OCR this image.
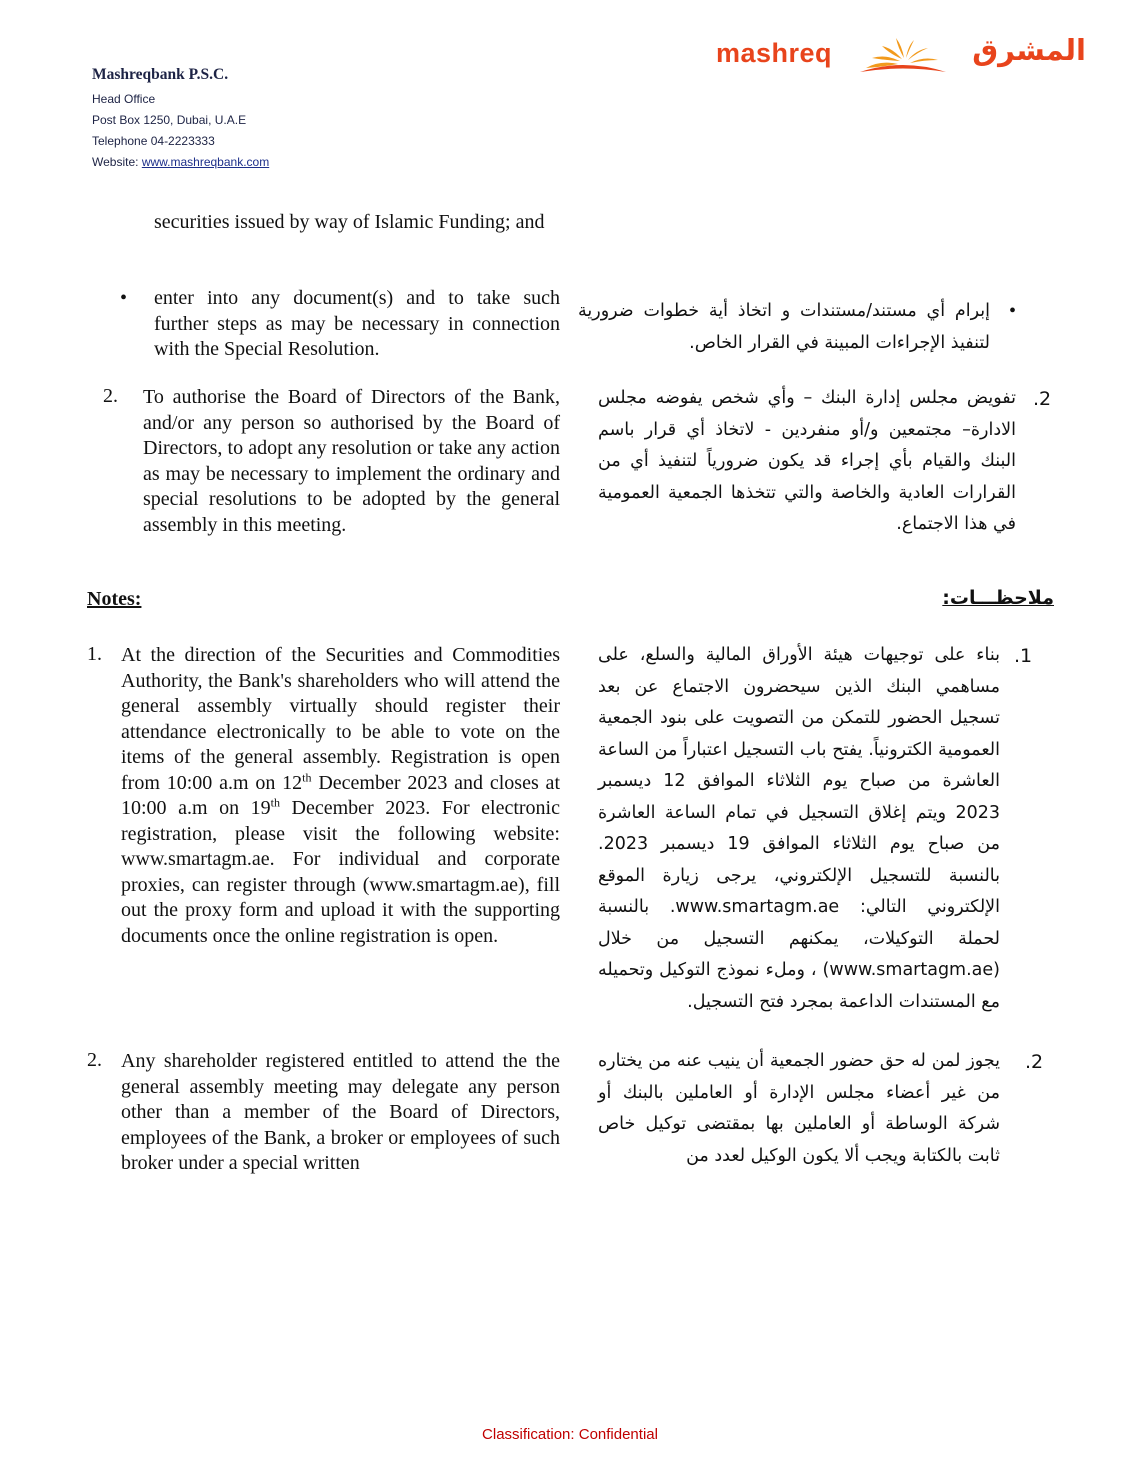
Mashreqbank P.S.C.
Head Office
Post Box 1250, Dubai, U.A.E
Telephone 04-2223333
Website: www.mashreqbank.com
mashreq	المشرق
securities issued by way of Islamic Funding; and
• enter into any document(s) and to take such further steps as may be necessary in connection with the Special Resolution.
•
إبرام أي مستند/مستندات و اتخاذ أية خطوات ضرورية لتنفيذ الإجراءات المبينة في القرار الخاص.
2. To authorise the Board of Directors of the Bank, and/or any person so authorised by the Board of Directors, to adopt any resolution or take any action as may be necessary to implement the ordinary and special resolutions to be adopted by the general assembly in this meeting.
.2
تفويض مجلس إدارة البنك – وأي شخص يفوضه مجلس الادارة– مجتمعين و/أو منفردين - لاتخاذ أي قرار باسم البنك والقيام بأي إجراء قد يكون ضرورياً لتنفيذ أي من القرارات العادية والخاصة والتي تتخذها الجمعية العمومية في هذا الاجتماع.
Notes:	ملاحظـــات:
1. At the direction of the Securities and Commodities Authority, the Bank's shareholders who will attend the general assembly virtually should register their attendance electronically to be able to vote on the items of the general assembly. Registration is open from 10:00 a.m on 12th December 2023 and closes at 10:00 a.m on 19th December 2023. For electronic registration, please visit the following website: www.smartagm.ae. For individual and corporate proxies, can register through (www.smartagm.ae), fill out the proxy form and upload it with the supporting documents once the online registration is open.
.1
بناء على توجيهات هيئة الأوراق المالية والسلع، على مساهمي البنك الذين سيحضرون الاجتماع عن بعد تسجيل الحضور للتمكن من التصويت على بنود الجمعية العمومية الكترونياً. يفتح باب التسجيل اعتباراً من الساعة العاشرة من صباح يوم الثلاثاء الموافق 12 ديسمبر 2023 ويتم إغلاق التسجيل في تمام الساعة العاشرة من صباح يوم الثلاثاء الموافق 19 ديسمبر 2023. بالنسبة للتسجيل الإلكتروني، يرجى زيارة الموقع الإلكتروني التالي: www.smartagm.ae. بالنسبة لحملة التوكيلات، يمكنهم التسجيل من خلال (www.smartagm.ae) ، وملء نموذج التوكيل وتحميله مع المستندات الداعمة بمجرد فتح التسجيل.
2. Any shareholder registered entitled to attend the the general assembly meeting may delegate any person other than a member of the Board of Directors, employees of the Bank, a broker or employees of such broker under a special written
.2
يجوز لمن له حق حضور الجمعية أن ينيب عنه من يختاره من غير أعضاء مجلس الإدارة أو العاملين بالبنك أو شركة الوساطة أو العاملين بها بمقتضى توكيل خاص ثابت بالكتابة ويجب ألا يكون الوكيل لعدد من
Classification: Confidential
